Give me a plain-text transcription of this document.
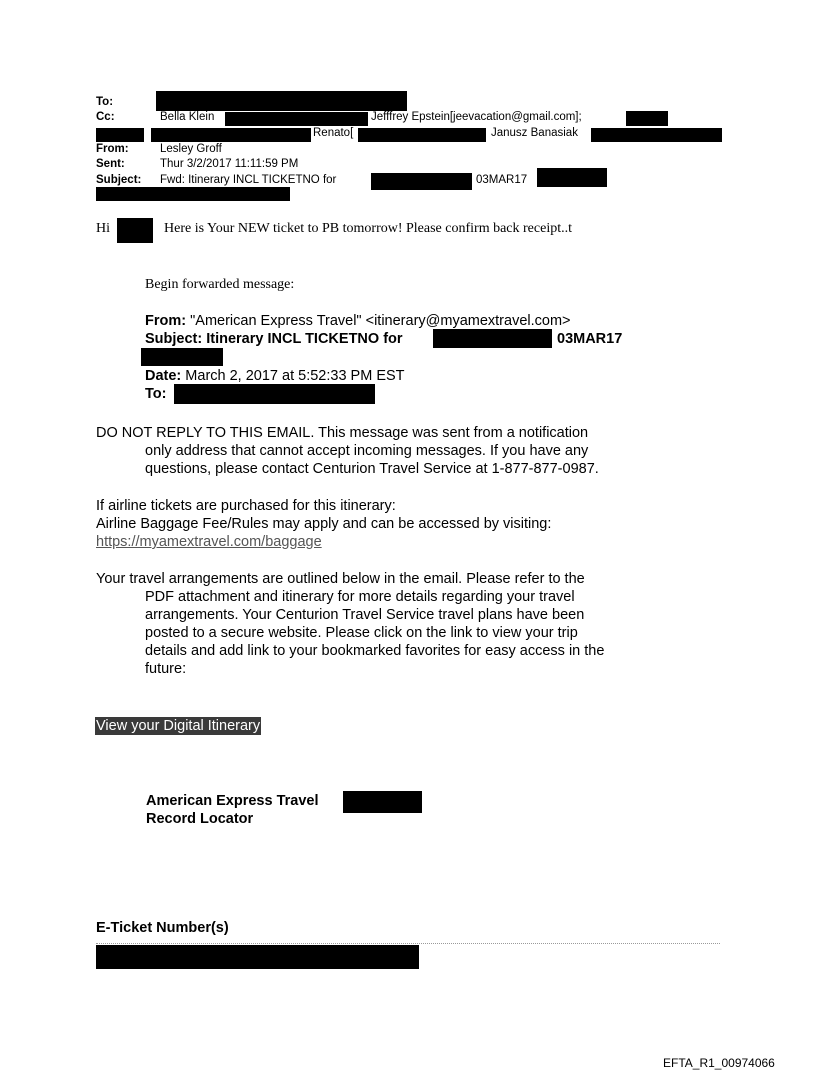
To:
Cc:	Bella Klein	Jefffrey Epstein[jeevacation@gmail.com];
Renato[	Janusz Banasiak
From:	Lesley Groff
Sent:	Thur 3/2/2017 11:11:59 PM
Subject: Fwd: Itinerary INCL TICKETNO for	03MAR17
Hi	Here is Your NEW ticket to PB tomorrow! Please confirm back receipt..t
Begin forwarded message:
From: "American Express Travel" <itinerary@myamextravel.com>
Subject: Itinerary INCL TICKETNO for	03MAR17
Date: March 2, 2017 at 5:52:33 PM EST
To:
DO NOT REPLY TO THIS EMAIL. This message was sent from a notification
only address that cannot accept incoming messages. If you have any
questions, please contact Centurion Travel Service at 1-877-877-0987.
If airline tickets are purchased for this itinerary:
Airline Baggage Fee/Rules may apply and can be accessed by visiting:
https://myamextravel.com/baggage
Your travel arrangements are outlined below in the email. Please refer to the
PDF attachment and itinerary for more details regarding your travel
arrangements. Your Centurion Travel Service travel plans have been
posted to a secure website. Please click on the link to view your trip
details and add link to your bookmarked favorites for easy access in the
future:
View your Digital Itinerary
American Express Travel
Record Locator
E-Ticket Number(s)
EFTA_R1_00974066
